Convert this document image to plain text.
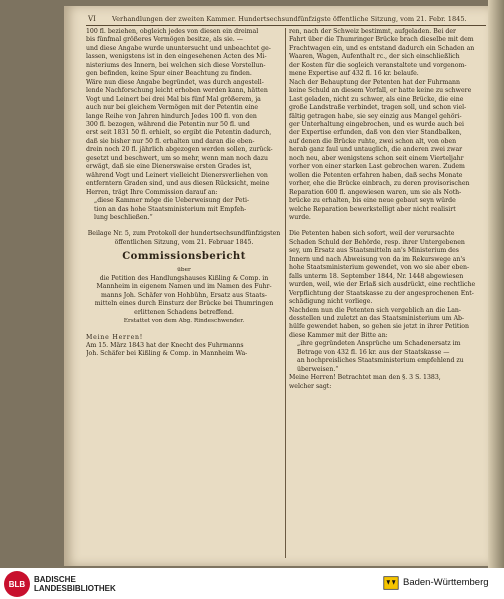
VI Verhandlungen der zweiten Kammer. Hundertsechsundfünfzigste öffentliche Sitzung, vom 21. Febr. 1845.
100 fl. beziehen, obgleich jedes von diesen ein dreimal
bis fünfmal größeres Vermögen besitze, als sie. —
und diese Angabe wurde ununtersucht und unbeachtet ge-
lassen, wenigstens ist in den eingesehenen Acten des Mi-
nisteriums des Innern, bei welchen sich diese Vorstellun-
gen befinden, keine Spur einer Beachtung zu finden.
Wäre nun diese Angabe begründet, was durch angestell-
lende Nachforschung leicht erhoben werden kann, hätten
Vogt und Leinert bei drei Mal bis fünf Mal größerem, ja
auch nur bei gleichem Vermögen mit der Petentin eine
lange Reihe von Jahren hindurch Jedes 100 fl. von den
300 fl. bezogen, während die Petentin nur 50 fl. und
erst seit 1831 50 fl. erhielt, so ergibt die Petentin dadurch,
daß sie bisher nur 50 fl. erhalten und daran die eben-
drein noch 20 fl. jährlich abgezogen werden sollen, zurück-
gesetzt und beschwert, um so mehr, wenn man noch dazu
erwägt, daß sie eine Dienerswaise ersten Grades ist,
während Vogt und Leinert vielleicht Dienersverliehen von
entferntern Graden sind, und aus diesen Rücksicht, meine
Herren, trägt Ihre Commission darauf an:
„diese Kammer möge die Ueberweisung der Peti-
tion an das hohe Staatsministerium mit Empfeh-
lung beschließen.“
Beilage Nr. 5, zum Protokoll der hundertsechsundfünfzigsten
öffentlichen Sitzung, vom 21. Februar 1845.
Commissionsbericht
über
die Petition des Handlungshauses Kißling & Comp. in
Mannheim in eigenem Namen und im Namen des Fuhr-
manns Joh. Schäfer von Hohbühn, Ersatz aus Staats-
mitteln eines durch Einsturz der Brücke bei Thumringen
erlittenen Schadens betreffend.
Erstattet von dem Abg. Rindeschwender.
Meine Herren!
Am 15. März 1843 hat der Knecht des Fuhrmanns
Joh. Schäfer bei Kißling & Comp. in Mannheim Wa-
ren, nach der Schweiz bestimmt, aufgeladen. Bei der
Fahrt über die Thumringer Brücke brach dieselbe mit dem
Frachtwagen ein, und es entstand dadurch ein Schaden an
Waaren, Wagen, Aufenthalt rc., der sich einschließlich
der Kosten für die sogleich veranstaltete und vorgenom-
mene Expertise auf 432 fl. 16 kr. belaufe.
Nach der Behauptung der Petenten hat der Fuhrmann
keine Schuld an diesem Vorfall, er hatte keine zu schwere
Last geladen, nicht zu schwer, als eine Brücke, die eine
große Landstraße verbindet, tragen soll, und schon viel-
fältig getragen habe, sie sey einzig aus Mangel gehöri-
ger Unterhaltung eingebrochen, und es wurde auch bei
der Expertise erfunden, daß von den vier Standbalken,
auf denen die Brücke ruhte, zwei schon alt, von oben
herab ganz faul und untauglich, die anderen zwei zwar
noch neu, aber wenigstens schon seit einem Vierteljahr
vorher von einer starken Last gebrochen waren. Zudem
wollen die Petenten erfahren haben, daß sechs Monate
vorher, ehe die Brücke einbrach, zu deren provisorischen
Reparation 600 fl. angewiesen waren, um sie als Noth-
brücke zu erhalten, bis eine neue gebaut seyn würde
welche Reparation bewerkstelligt aber nicht realisirt
wurde.
Die Petenten haben sich sofort, weil der verursachte
Schaden Schuld der Behörde, resp. ihrer Untergebenen
sey, um Ersatz aus Staatsmitteln an's Ministerium des
Innern und nach Abweisung von da im Rekurswege an's
hohe Staatsministerium gewendet, von wo sie aber eben-
falls unterm 18. September 1844, Nr. 1448 abgewiesen
wurden, weil, wie der Erlaß sich ausdrückt, eine rechtliche
Verpflichtung der Staatskasse zu der angesprochenen Ent-
schädigung nicht vorliege.
Nachdem nun die Petenten sich vergeblich an die Lan-
desstellen und zuletzt an das Staatsministerium um Ab-
hülfe gewendet haben, so gehen sie jetzt in ihrer Petition
diese Kammer mit der Bitte an:
„ihre gegründeten Ansprüche um Schadenersatz im
Betrage von 432 fl. 16 kr. aus der Staatskasse —
an hochpreisliches Staatsministerium empfehlend zu
überweisen.“
Meine Herren! Betrachtet man den §. 3 S. 1383,
welcher sagt:
BLB	BADISCHE
LANDESBIBLIOTHEK
Baden-Württemberg
